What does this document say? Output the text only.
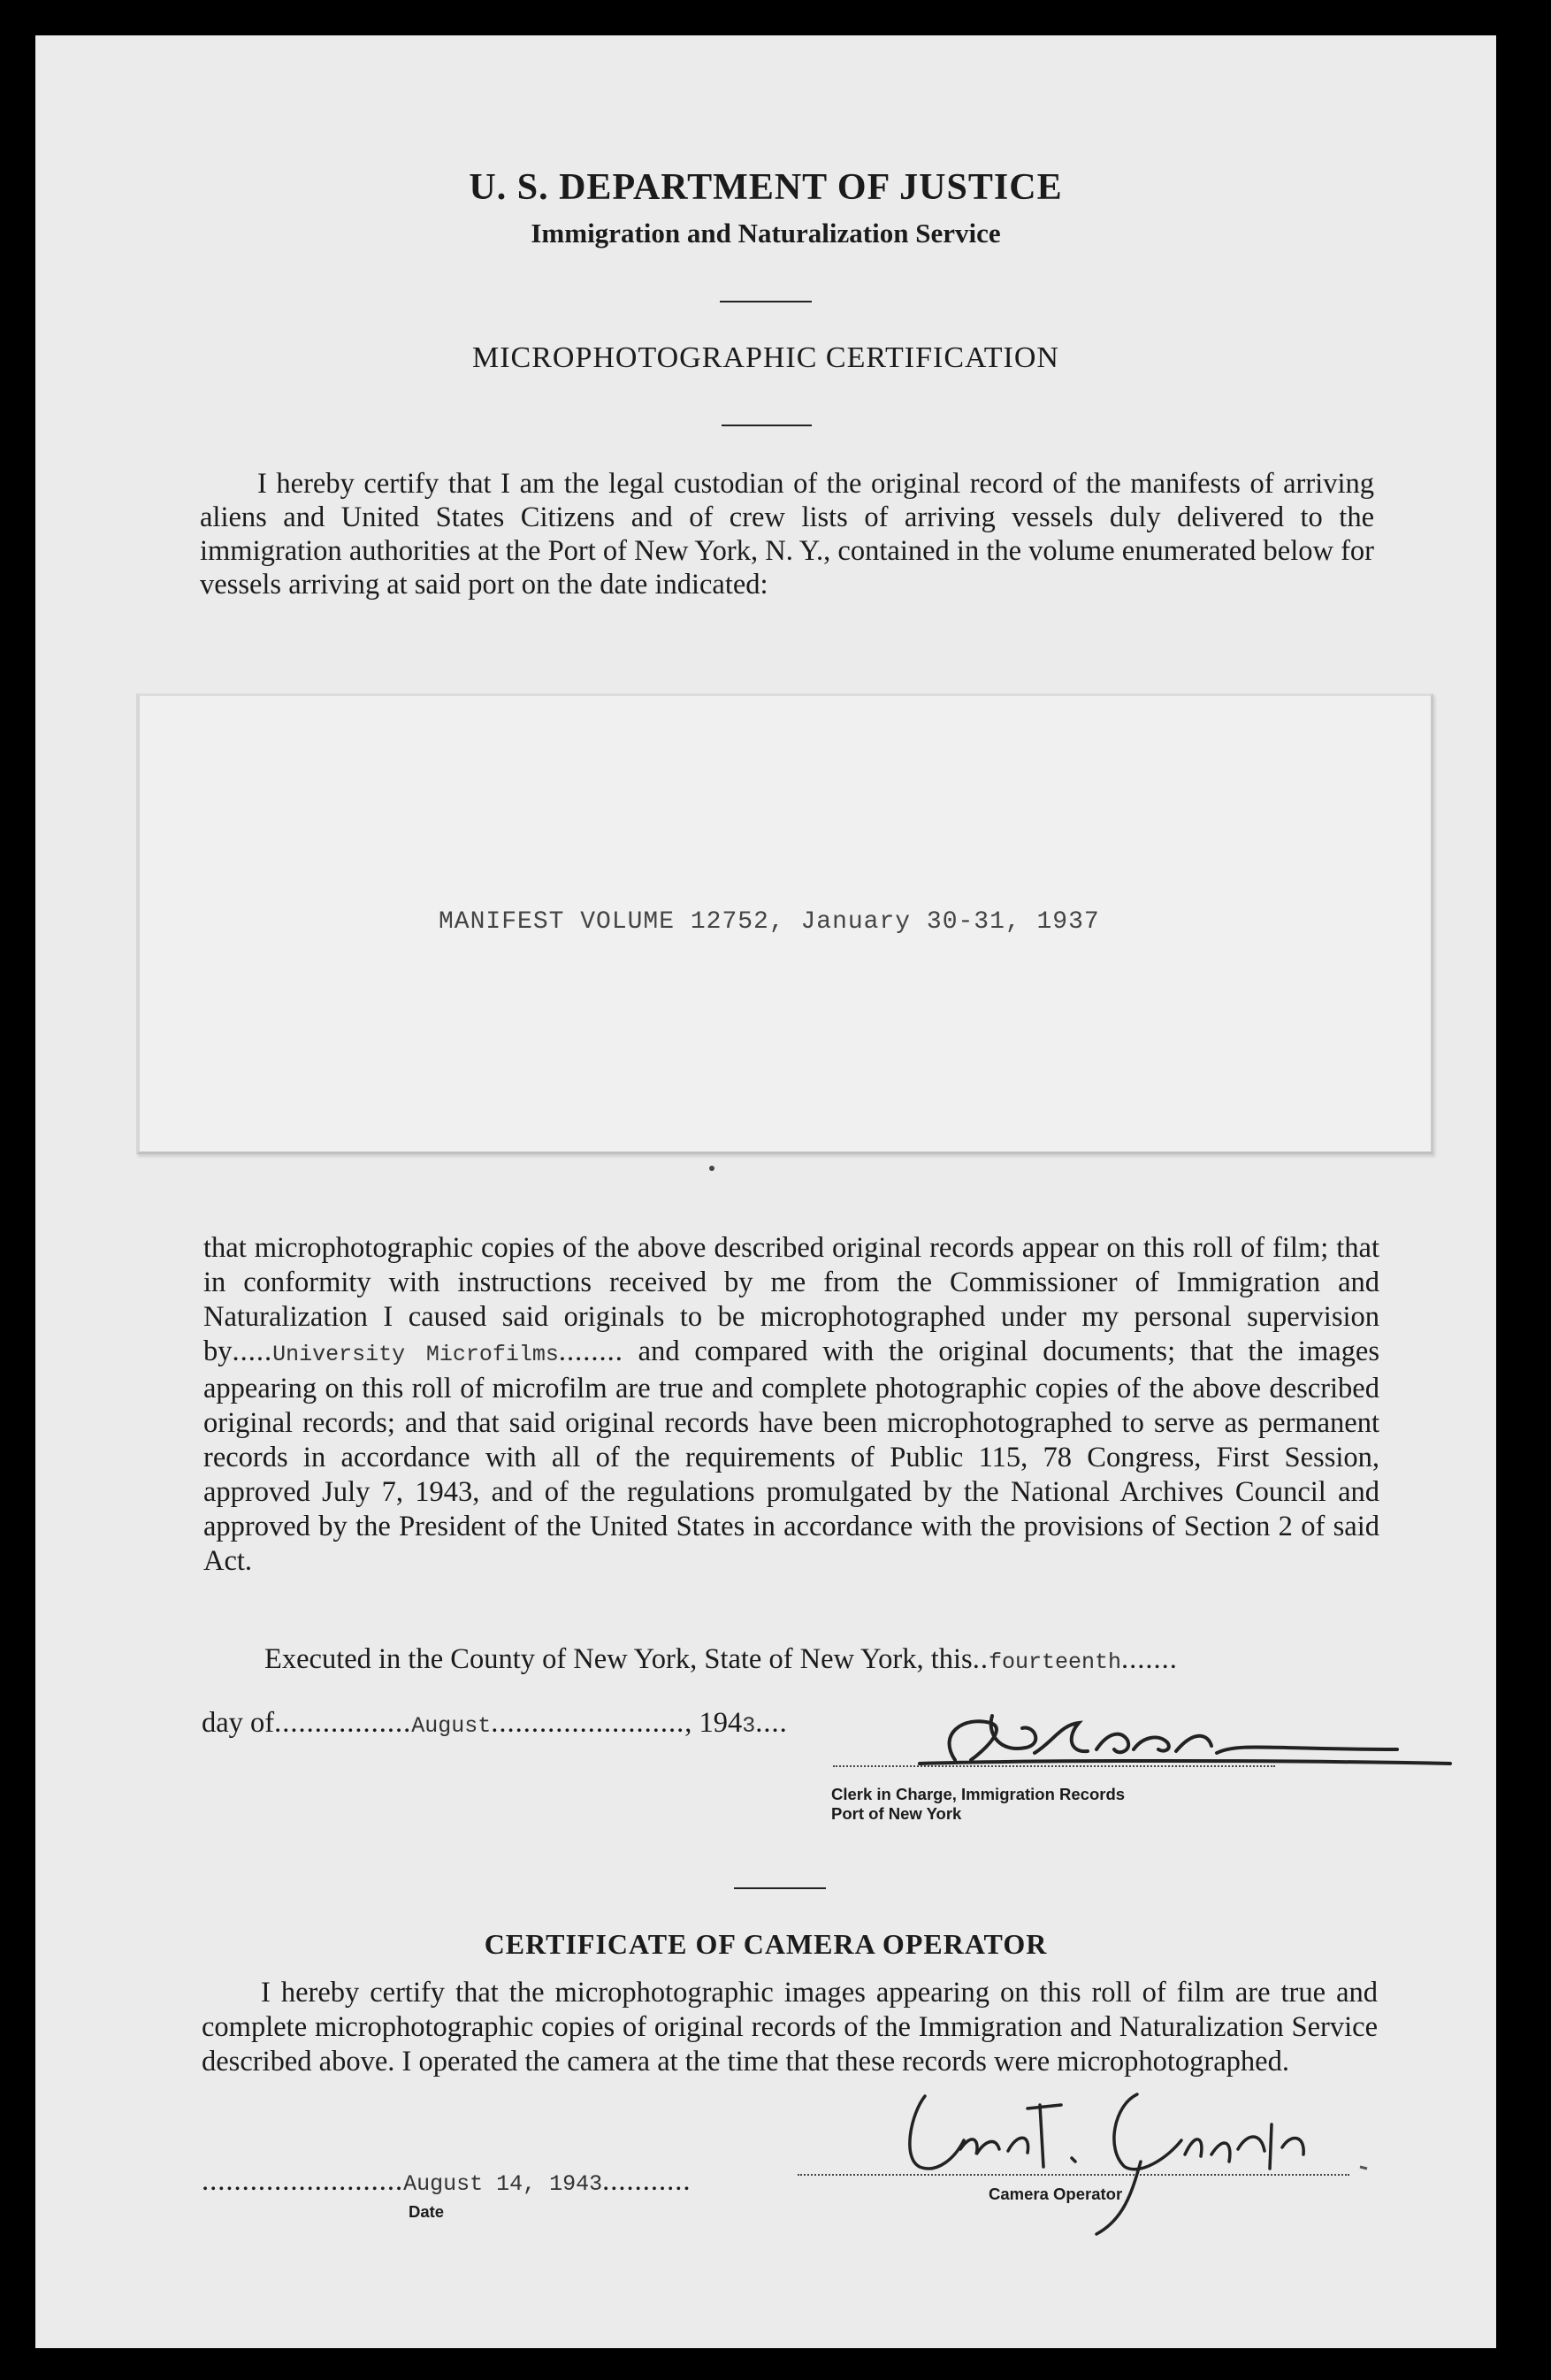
U. S. DEPARTMENT OF JUSTICE
Immigration and Naturalization Service
MICROPHOTOGRAPHIC CERTIFICATION
I hereby certify that I am the legal custodian of the original record of the manifests of arriving aliens and United States Citizens and of crew lists of arriving vessels duly delivered to the immigration authorities at the Port of New York, N. Y., contained in the volume enumerated below for vessels arriving at said port on the date indicated:
MANIFEST VOLUME 12752, January 30-31, 1937
that microphotographic copies of the above described original records appear on this roll of film; that in conformity with instructions received by me from the Commissioner of Immigration and Naturalization I caused said originals to be microphotographed under my personal supervision by.....University Microfilms........ and compared with the original documents; that the images appearing on this roll of microfilm are true and complete photographic copies of the above described original records; and that said original records have been microphotographed to serve as permanent records in accordance with all of the requirements of Public 115, 78 Congress, First Session, approved July 7, 1943, and of the regulations promulgated by the National Archives Council and approved by the President of the United States in accordance with the provisions of Section 2 of said Act.
Executed in the County of New York, State of New York, this..fourteenth.......
day of.................August........................, 1943....
Clerk in Charge, Immigration Records
Port of New York
CERTIFICATE OF CAMERA OPERATOR
I hereby certify that the microphotographic images appearing on this roll of film are true and complete microphotographic copies of original records of the Immigration and Naturalization Service described above. I operated the camera at the time that these records were microphotographed.
.........................August 14, 1943...........
Date
Camera Operator
